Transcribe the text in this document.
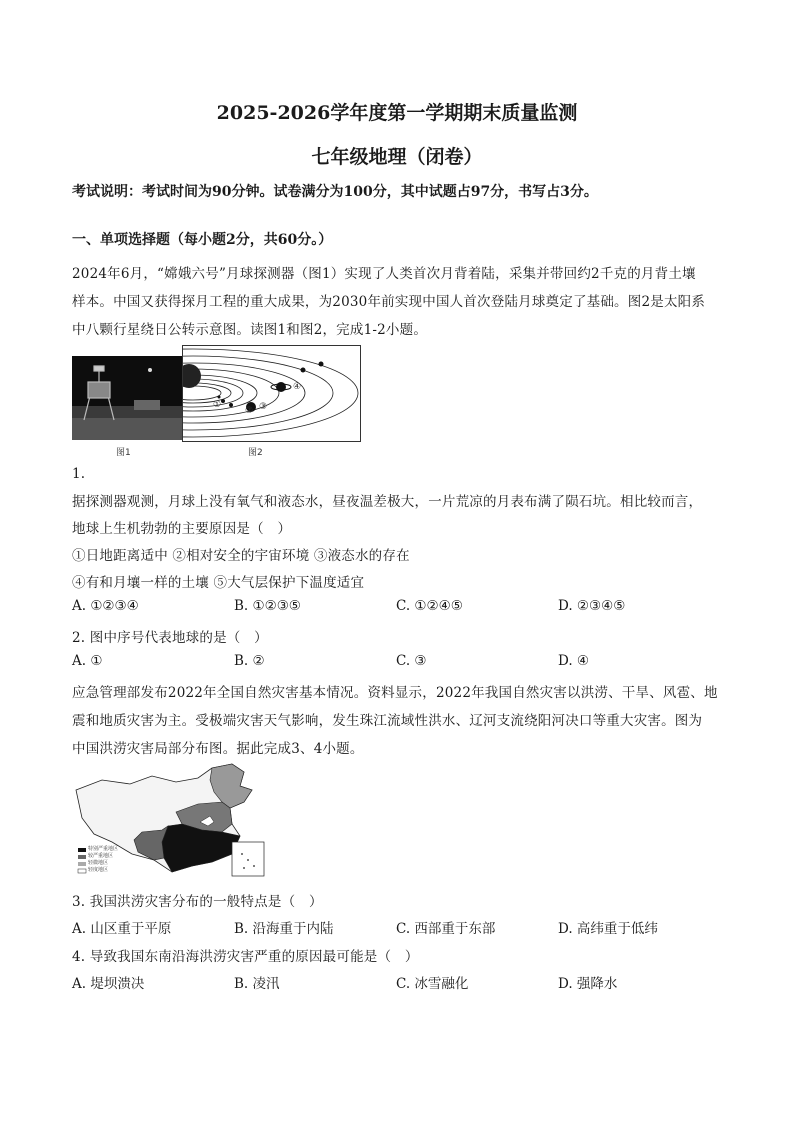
2025-2026学年度第一学期期末质量监测
七年级地理（闭卷）
考试说明：考试时间为90分钟。试卷满分为100分，其中试题占97分，书写占3分。
一、单项选择题（每小题2分，共60分。）
2024年6月，“嫦娥六号”月球探测器（图1）实现了人类首次月背着陆，采集并带回约2千克的月背土壤
样本。中国又获得探月工程的重大成果，为2030年前实现中国人首次登陆月球奠定了基础。图2是太阳系
中八颗行星绕日公转示意图。读图1和图2，完成1-2小题。
图1
④
③
②
①
图2
1.
据探测器观测，月球上没有氧气和液态水，昼夜温差极大，一片荒凉的月表布满了陨石坑。相比较而言，
地球上生机勃勃的主要原因是（　）
①日地距离适中 ②相对安全的宇宙环境 ③液态水的存在
④有和月壤一样的土壤 ⑤大气层保护下温度适宜
A. ①②③④	B. ①②③⑤	C. ①②④⑤	D. ②③④⑤
2. 图中序号代表地球的是（　）
A. ①	B. ②	C. ③	D. ④
应急管理部发布2022年全国自然灾害基本情况。资料显示，2022年我国自然灾害以洪涝、干旱、风雹、地
震和地质灾害为主。受极端灾害天气影响，发生珠江流域性洪水、辽河支流绕阳河决口等重大灾害。图为
中国洪涝灾害局部分布图。据此完成3、4小题。
特别严重地区
较严重地区
轻微地区
轻度地区
3. 我国洪涝灾害分布的一般特点是（　）
A. 山区重于平原	B. 沿海重于内陆	C. 西部重于东部	D. 高纬重于低纬
4. 导致我国东南沿海洪涝灾害严重的原因最可能是（　）
A. 堤坝溃决	B. 凌汛	C. 冰雪融化	D. 强降水
